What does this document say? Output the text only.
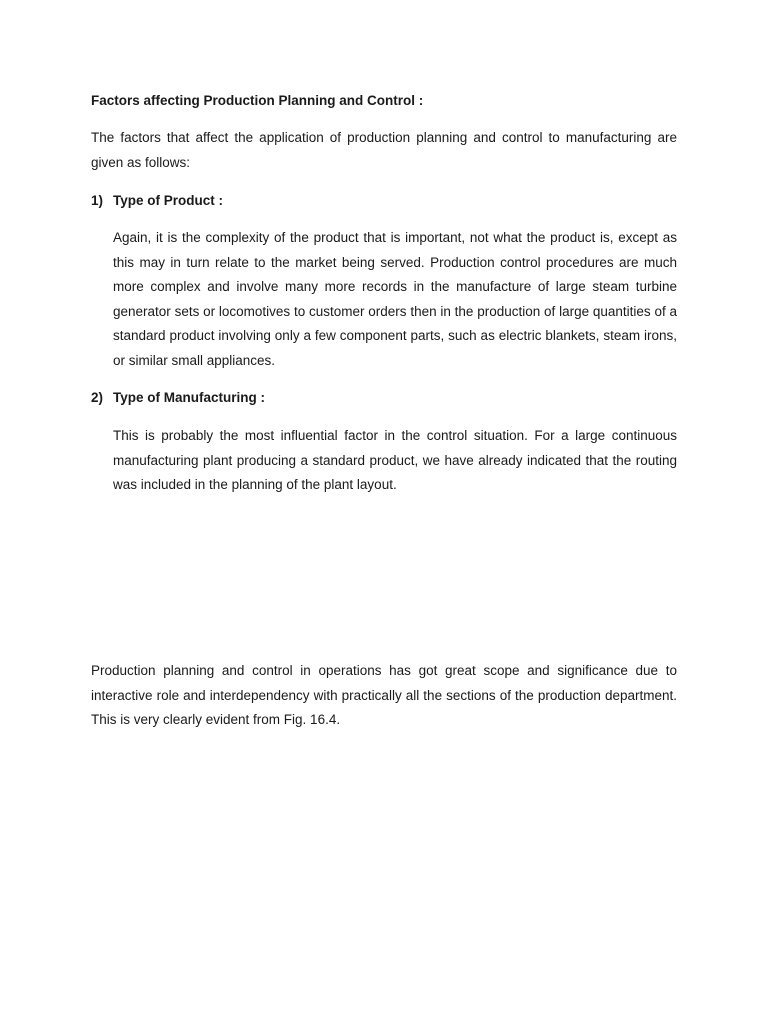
Factors affecting Production Planning and Control :

The factors that affect the application of production planning and control to manufacturing are given as follows:

1) Type of Product :

Again, it is the complexity of the product that is important, not what the product is, except as this may in turn relate to the market being served. Production control procedures are much more complex and involve many more records in the manufacture of large steam turbine generator sets or locomotives to customer orders then in the production of large quantities of a standard product involving only a few component parts, such as electric blankets, steam irons, or similar small appliances.

2) Type of Manufacturing :

This is probably the most influential factor in the control situation. For a large continuous manufacturing plant producing a standard product, we have already indicated that the routing was included in the planning of the plant layout.

Production planning and control in operations has got great scope and significance due to interactive role and interdependency with practically all the sections of the production department. This is very clearly evident from Fig. 16.4.
